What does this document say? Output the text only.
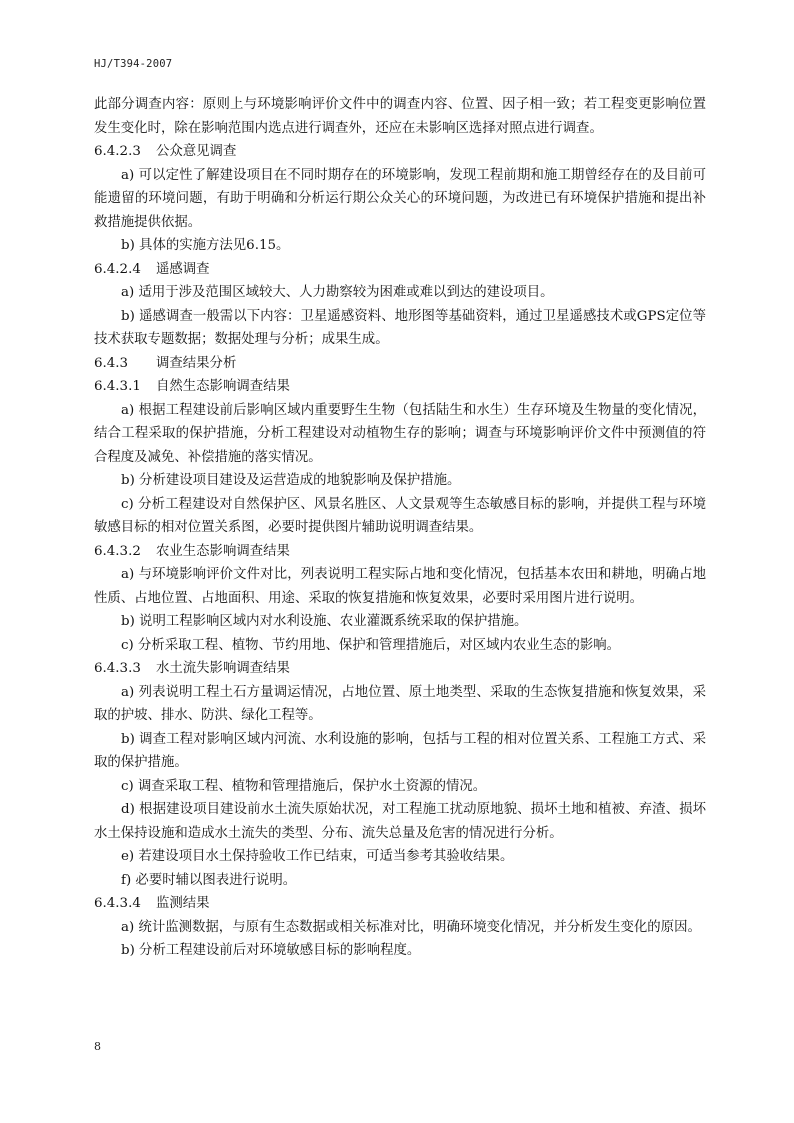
HJ/T394-2007

此部分调查内容：原则上与环境影响评价文件中的调查内容、位置、因子相一致；若工程变更影响位置发生变化时，除在影响范围内选点进行调查外，还应在未影响区选择对照点进行调查。

6.4.2.3	公众意见调查

a) 可以定性了解建设项目在不同时期存在的环境影响，发现工程前期和施工期曾经存在的及目前可能遗留的环境问题，有助于明确和分析运行期公众关心的环境问题，为改进已有环境保护措施和提出补救措施提供依据。

b) 具体的实施方法见6.15。

6.4.2.4	遥感调查

a) 适用于涉及范围区域较大、人力勘察较为困难或难以到达的建设项目。

b) 遥感调查一般需以下内容：卫星遥感资料、地形图等基础资料，通过卫星遥感技术或GPS定位等技术获取专题数据；数据处理与分析；成果生成。

6.4.3	调查结果分析
6.4.3.1	自然生态影响调查结果

a) 根据工程建设前后影响区域内重要野生生物（包括陆生和水生）生存环境及生物量的变化情况，结合工程采取的保护措施，分析工程建设对动植物生存的影响；调查与环境影响评价文件中预测值的符合程度及减免、补偿措施的落实情况。

b) 分析建设项目建设及运营造成的地貌影响及保护措施。

c) 分析工程建设对自然保护区、风景名胜区、人文景观等生态敏感目标的影响，并提供工程与环境敏感目标的相对位置关系图，必要时提供图片辅助说明调查结果。

6.4.3.2	农业生态影响调查结果

a) 与环境影响评价文件对比，列表说明工程实际占地和变化情况，包括基本农田和耕地，明确占地性质、占地位置、占地面积、用途、采取的恢复措施和恢复效果，必要时采用图片进行说明。

b) 说明工程影响区域内对水利设施、农业灌溉系统采取的保护措施。

c) 分析采取工程、植物、节约用地、保护和管理措施后，对区域内农业生态的影响。

6.4.3.3	水土流失影响调查结果

a) 列表说明工程土石方量调运情况，占地位置、原土地类型、采取的生态恢复措施和恢复效果，采取的护坡、排水、防洪、绿化工程等。

b) 调查工程对影响区域内河流、水利设施的影响，包括与工程的相对位置关系、工程施工方式、采取的保护措施。

c) 调查采取工程、植物和管理措施后，保护水土资源的情况。

d) 根据建设项目建设前水土流失原始状况，对工程施工扰动原地貌、损坏土地和植被、弃渣、损坏水土保持设施和造成水土流失的类型、分布、流失总量及危害的情况进行分析。

e) 若建设项目水土保持验收工作已结束，可适当参考其验收结果。

f) 必要时辅以图表进行说明。

6.4.3.4	监测结果

a) 统计监测数据，与原有生态数据或相关标准对比，明确环境变化情况，并分析发生变化的原因。

b) 分析工程建设前后对环境敏感目标的影响程度。

8
